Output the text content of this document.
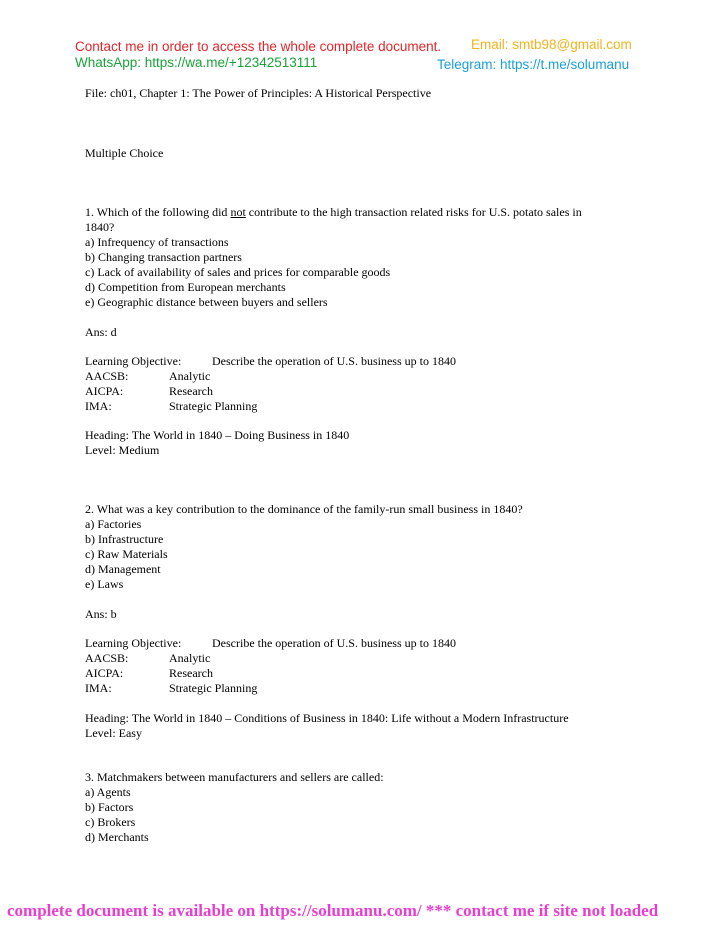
Contact me in order to access the whole complete document. Email: smtb98@gmail.com
WhatsApp: https://wa.me/+12342513111	Telegram: https://t.me/solumanu
File: ch01, Chapter 1: The Power of Principles: A Historical Perspective
Multiple Choice
1. Which of the following did not contribute to the high transaction related risks for U.S. potato sales in
1840?
a) Infrequency of transactions
b) Changing transaction partners
c) Lack of availability of sales and prices for comparable goods
d) Competition from European merchants
e) Geographic distance between buyers and sellers
Ans: d
Learning Objective:	Describe the operation of U.S. business up to 1840
AACSB:	Analytic
AICPA:	Research
IMA:	Strategic Planning
Heading: The World in 1840 – Doing Business in 1840
Level: Medium
2. What was a key contribution to the dominance of the family-run small business in 1840?
a) Factories
b) Infrastructure
c) Raw Materials
d) Management
e) Laws
Ans: b
Learning Objective:	Describe the operation of U.S. business up to 1840
AACSB:	Analytic
AICPA:	Research
IMA:	Strategic Planning
Heading: The World in 1840 – Conditions of Business in 1840: Life without a Modern Infrastructure
Level: Easy
3. Matchmakers between manufacturers and sellers are called:
a) Agents
b) Factors
c) Brokers
d) Merchants
complete document is available on https://solumanu.com/ *** contact me if site not loaded
